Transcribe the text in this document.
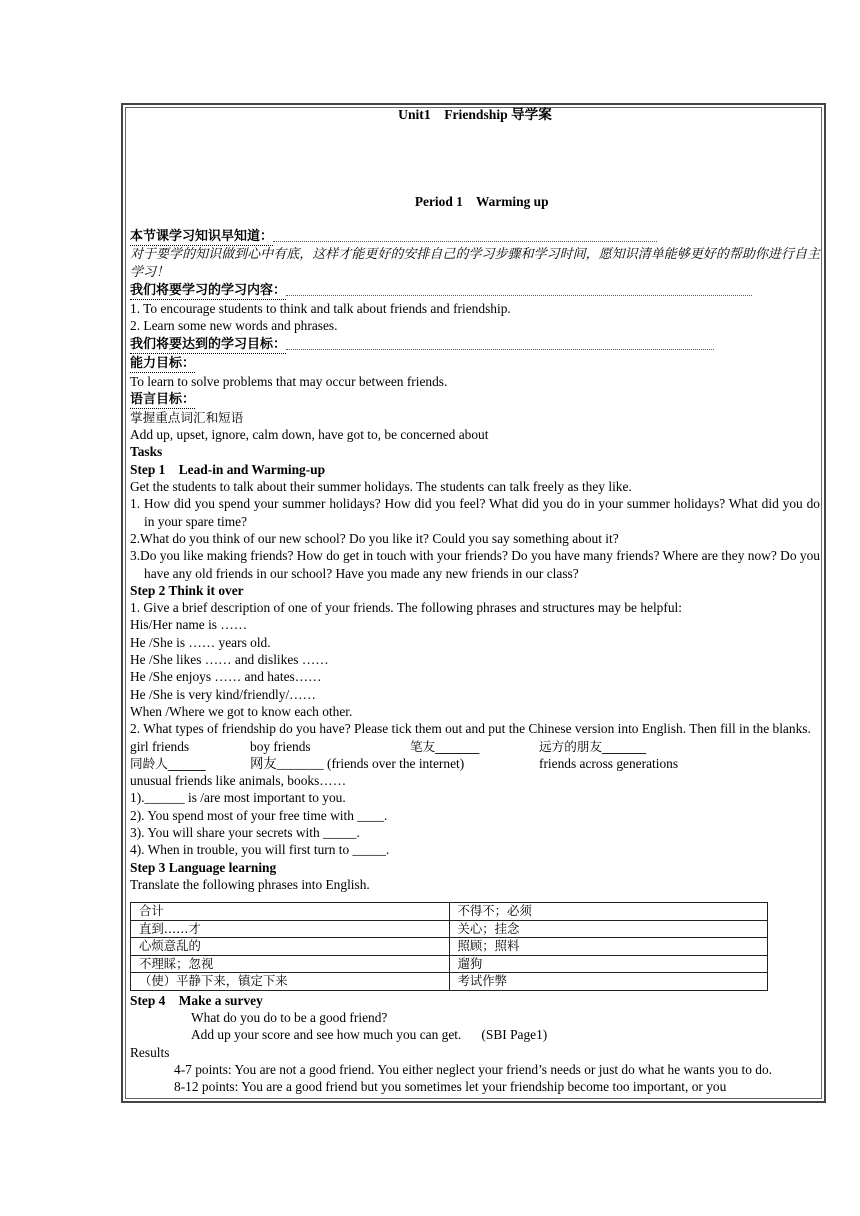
Unit1    Friendship 导学案

Period 1    Warming up

本节课学习知识早知道：
对于要学的知识做到心中有底，这样才能更好的安排自己的学习步骤和学习时间，愿知识清单能够更好的帮助你进行自主学习！
我们将要学习的学习内容：
1. To encourage students to think and talk about friends and friendship.
2. Learn some new words and phrases.
我们将要达到的学习目标：
能力目标：
To learn to solve problems that may occur between friends.
语言目标：
掌握重点词汇和短语
Add up, upset, ignore, calm down, have got to, be concerned about
Tasks
Step 1    Lead-in and Warming-up
Get the students to talk about their summer holidays. The students can talk freely as they like.
1. How did you spend your summer holidays? How did you feel? What did you do in your summer holidays? What did you do in your spare time?
2.What do you think of our new school? Do you like it? Could you say something about it?
3.Do you like making friends? How do get in touch with your friends? Do you have many friends? Where are they now? Do you have any old friends in our school? Have you made any new friends in our class?
Step 2 Think it over
1. Give a brief description of one of your friends. The following phrases and structures may be helpful:
His/Her name is ……
He /She is …… years old.
He /She likes …… and dislikes ……
He /She enjoys …… and hates……
He /She is very kind/friendly/……
When /Where we got to know each other.
2. What types of friendship do you have? Please tick them out and put the Chinese version into English. Then fill in the blanks.
girl friends	boy friends	笔友_______	远方的朋友_______
同龄人______	网友_______ (friends over the internet)	friends across generations
unusual friends like animals, books……
1).______ is /are most important to you.
2). You spend most of your free time with ____.
3). You will share your secrets with _____.
4). When in trouble, you will first turn to _____.
Step 3 Language learning
Translate the following phrases into English.
合计	不得不；必须
直到……才	关心；挂念
心烦意乱的	照顾；照料
不理睬；忽视	遛狗
（使）平静下来，镇定下来	考试作弊
Step 4    Make a survey
What do you do to be a good friend?
Add up your score and see how much you can get.      (SBI Page1)
Results
4-7 points: You are not a good friend. You either neglect your friend’s needs or just do what he wants you to do.
8-12 points: You are a good friend but you sometimes let your friendship become too important, or you
